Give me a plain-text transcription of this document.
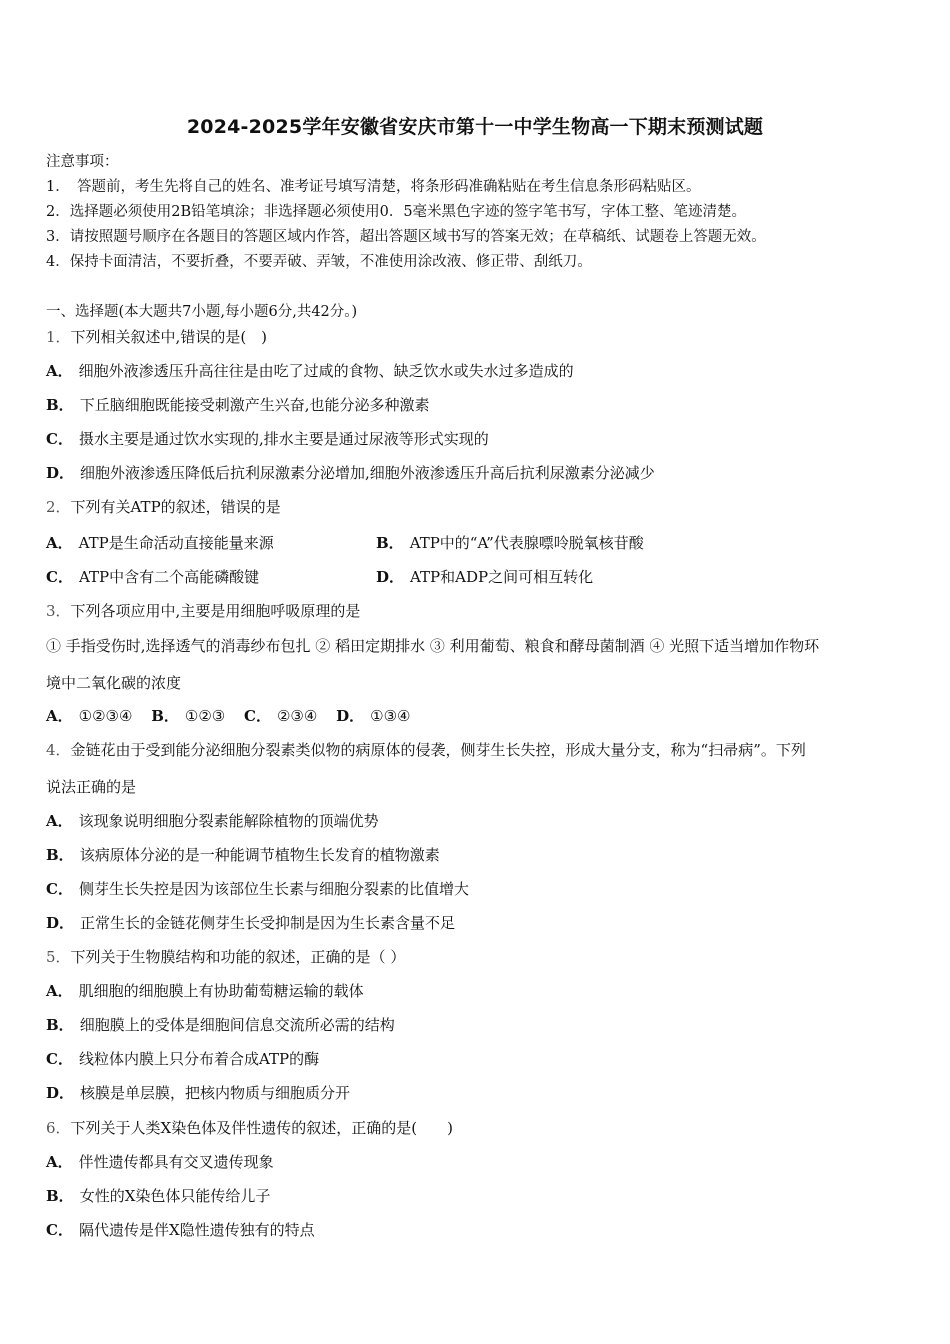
2024-2025学年安徽省安庆市第十一中学生物高一下期末预测试题
注意事项：
1．　答题前，考生先将自己的姓名、准考证号填写清楚，将条形码准确粘贴在考生信息条形码粘贴区。
2．选择题必须使用2B铅笔填涂；非选择题必须使用0．5毫米黑色字迹的签字笔书写，字体工整、笔迹清楚。
3．请按照题号顺序在各题目的答题区域内作答，超出答题区域书写的答案无效；在草稿纸、试题卷上答题无效。
4．保持卡面清洁，不要折叠，不要弄破、弄皱，不准使用涂改液、修正带、刮纸刀。
一、选择题(本大题共7小题,每小题6分,共42分。)
1．下列相关叙述中,错误的是(　)
A． 细胞外液渗透压升高往往是由吃了过咸的食物、缺乏饮水或失水过多造成的
B． 下丘脑细胞既能接受刺激产生兴奋,也能分泌多种激素
C． 摄水主要是通过饮水实现的,排水主要是通过尿液等形式实现的
D． 细胞外液渗透压降低后抗利尿激素分泌增加,细胞外液渗透压升高后抗利尿激素分泌减少
2．下列有关ATP的叙述，错误的是
A． ATP是生命活动直接能量来源	B． ATP中的“A”代表腺嘌呤脱氧核苷酸
C． ATP中含有二个高能磷酸键	D． ATP和ADP之间可相互转化
3．下列各项应用中,主要是用细胞呼吸原理的是
① 手指受伤时,选择透气的消毒纱布包扎 ② 稻田定期排水 ③ 利用葡萄、粮食和酵母菌制酒 ④ 光照下适当增加作物环
境中二氧化碳的浓度
A． ①②③④ B． ①②③ C． ②③④ D． ①③④
4．金链花由于受到能分泌细胞分裂素类似物的病原体的侵袭，侧芽生长失控，形成大量分支，称为“扫帚病”。下列
说法正确的是
A． 该现象说明细胞分裂素能解除植物的顶端优势
B． 该病原体分泌的是一种能调节植物生长发育的植物激素
C． 侧芽生长失控是因为该部位生长素与细胞分裂素的比值增大
D． 正常生长的金链花侧芽生长受抑制是因为生长素含量不足
5．下列关于生物膜结构和功能的叙述，正确的是（ ）
A． 肌细胞的细胞膜上有协助葡萄糖运输的载体
B． 细胞膜上的受体是细胞间信息交流所必需的结构
C． 线粒体内膜上只分布着合成ATP的酶
D． 核膜是单层膜，把核内物质与细胞质分开
6．下列关于人类X染色体及伴性遗传的叙述，正确的是(　　)
A． 伴性遗传都具有交叉遗传现象
B． 女性的X染色体只能传给儿子
C． 隔代遗传是伴X隐性遗传独有的特点
